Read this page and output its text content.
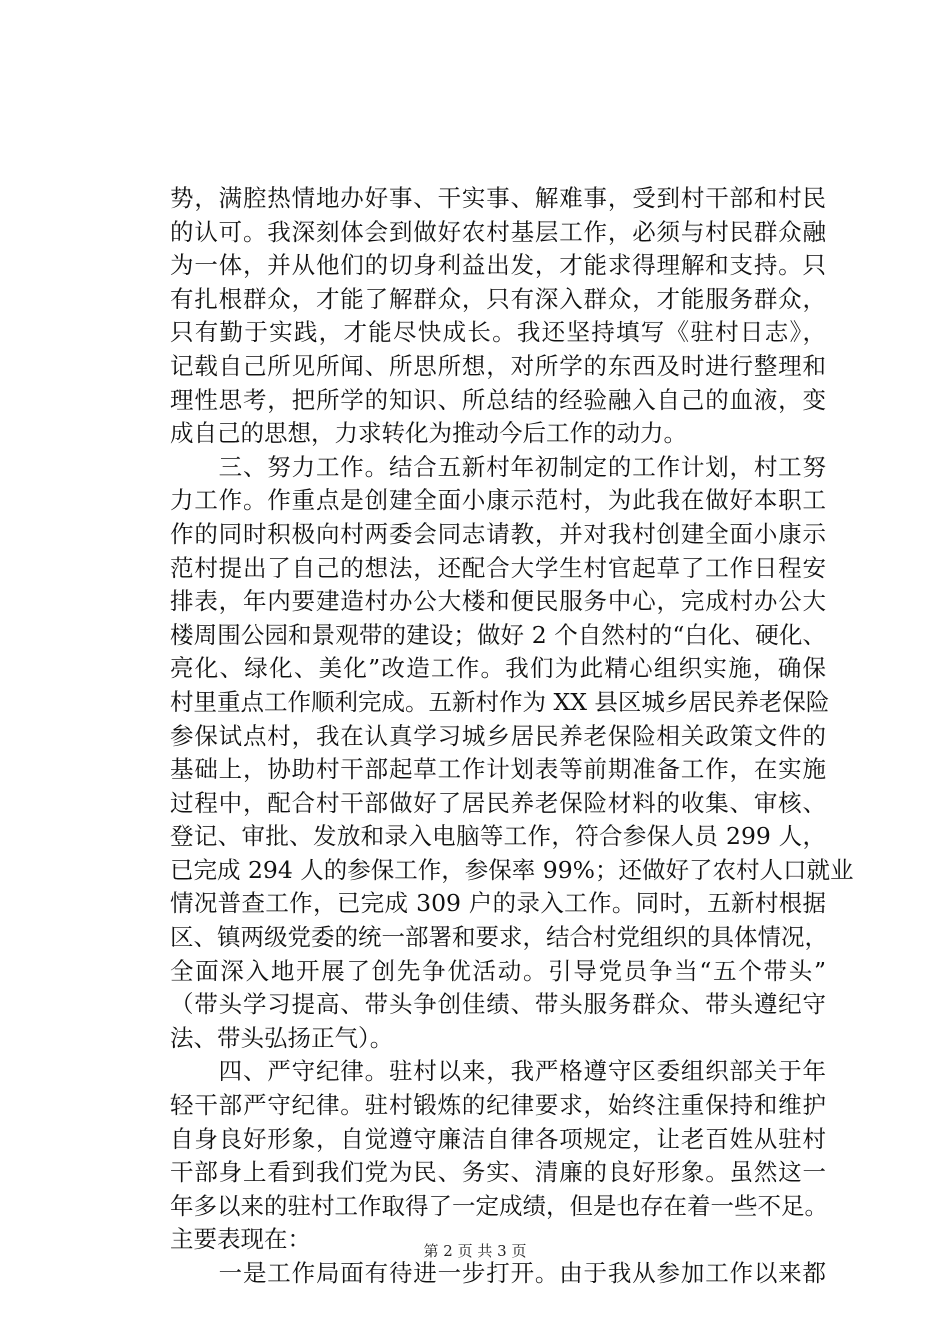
势，满腔热情地办好事、干实事、解难事，受到村干部和村民
的认可。我深刻体会到做好农村基层工作，必须与村民群众融
为一体，并从他们的切身利益出发，才能求得理解和支持。只
有扎根群众，才能了解群众，只有深入群众，才能服务群众，
只有勤于实践，才能尽快成长。我还坚持填写《驻村日志》，
记载自己所见所闻、所思所想，对所学的东西及时进行整理和
理性思考，把所学的知识、所总结的经验融入自己的血液，变
成自己的思想，力求转化为推动今后工作的动力。
　　三、努力工作。结合五新村年初制定的工作计划，村工努
力工作。作重点是创建全面小康示范村，为此我在做好本职工
作的同时积极向村两委会同志请教，并对我村创建全面小康示
范村提出了自己的想法，还配合大学生村官起草了工作日程安
排表，年内要建造村办公大楼和便民服务中心，完成村办公大
楼周围公园和景观带的建设；做好 2 个自然村的“白化、硬化、
亮化、绿化、美化”改造工作。我们为此精心组织实施，确保
村里重点工作顺利完成。五新村作为 XX 县区城乡居民养老保险
参保试点村，我在认真学习城乡居民养老保险相关政策文件的
基础上，协助村干部起草工作计划表等前期准备工作，在实施
过程中，配合村干部做好了居民养老保险材料的收集、审核、
登记、审批、发放和录入电脑等工作，符合参保人员 299 人，
已完成 294 人的参保工作，参保率 99%；还做好了农村人口就业
情况普查工作，已完成 309 户的录入工作。同时，五新村根据
区、镇两级党委的统一部署和要求，结合村党组织的具体情况，
全面深入地开展了创先争优活动。引导党员争当“五个带头”
（带头学习提高、带头争创佳绩、带头服务群众、带头遵纪守
法、带头弘扬正气）。
　　四、严守纪律。驻村以来，我严格遵守区委组织部关于年
轻干部严守纪律。驻村锻炼的纪律要求，始终注重保持和维护
自身良好形象，自觉遵守廉洁自律各项规定，让老百姓从驻村
干部身上看到我们党为民、务实、清廉的良好形象。虽然这一
年多以来的驻村工作取得了一定成绩，但是也存在着一些不足。
主要表现在：
　　一是工作局面有待进一步打开。由于我从参加工作以来都
第 2 页 共 3 页
